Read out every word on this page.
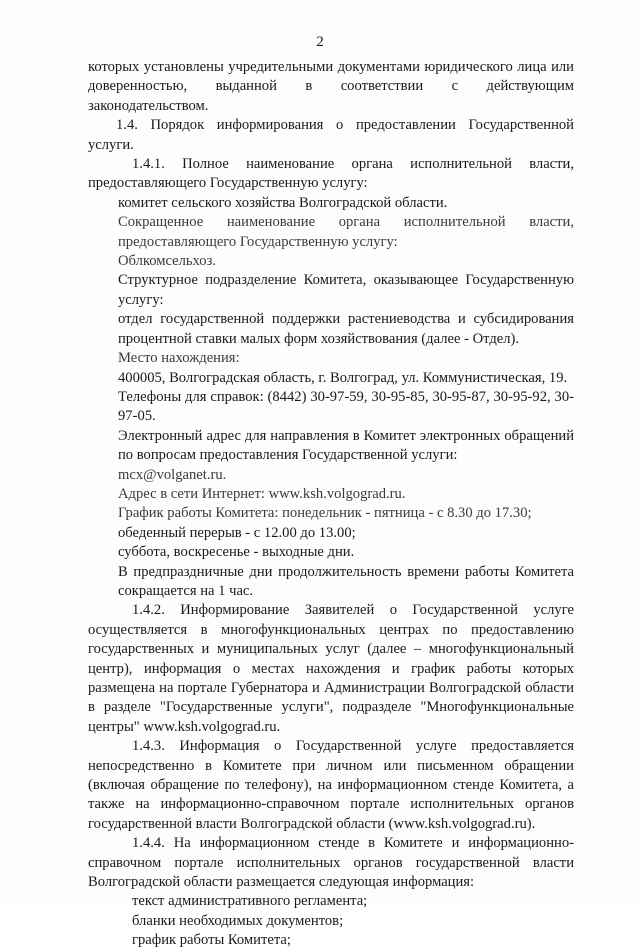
2

которых установлены учредительными документами юридического лица или доверенностью, выданной в соответствии с действующим законодательством.

1.4. Порядок информирования о предоставлении Государственной услуги.

1.4.1. Полное наименование органа исполнительной власти, предоставляющего Государственную услугу:

комитет сельского хозяйства Волгоградской области.

Сокращенное наименование органа исполнительной власти, предоставляющего Государственную услугу:

Облкомсельхоз.

Структурное подразделение Комитета, оказывающее Государственную услугу:

отдел государственной поддержки растениеводства и субсидирования процентной ставки малых форм хозяйствования (далее - Отдел).

Место нахождения:

400005, Волгоградская область, г. Волгоград, ул. Коммунистическая, 19.

Телефоны для справок: (8442) 30-97-59, 30-95-85, 30-95-87, 30-95-92, 30-97-05.

Электронный адрес для направления в Комитет электронных обращений по вопросам предоставления Государственной услуги:

mcx@volganet.ru.

Адрес в сети Интернет: www.ksh.volgograd.ru.

График работы Комитета: понедельник - пятница - с 8.30 до 17.30;

обеденный перерыв - с 12.00 до 13.00;

суббота, воскресенье - выходные дни.

В предпраздничные дни продолжительность времени работы Комитета сокращается на 1 час.

1.4.2. Информирование Заявителей о Государственной услуге осуществляется в многофункциональных центрах по предоставлению государственных и муниципальных услуг (далее – многофункциональный центр), информация о местах нахождения и график работы которых размещена на портале Губернатора и Администрации Волгоградской области в разделе "Государственные услуги", подразделе "Многофункциональные центры" www.ksh.volgograd.ru.

1.4.3. Информация о Государственной услуге предоставляется непосредственно в Комитете при личном или письменном обращении (включая обращение по телефону), на информационном стенде Комитета, а также на информационно-справочном портале исполнительных органов государственной власти Волгоградской области (www.ksh.volgograd.ru).

1.4.4. На информационном стенде в Комитете и информационно-справочном портале исполнительных органов государственной власти Волгоградской области размещается следующая информация:

текст административного регламента;

бланки необходимых документов;

график работы Комитета;
